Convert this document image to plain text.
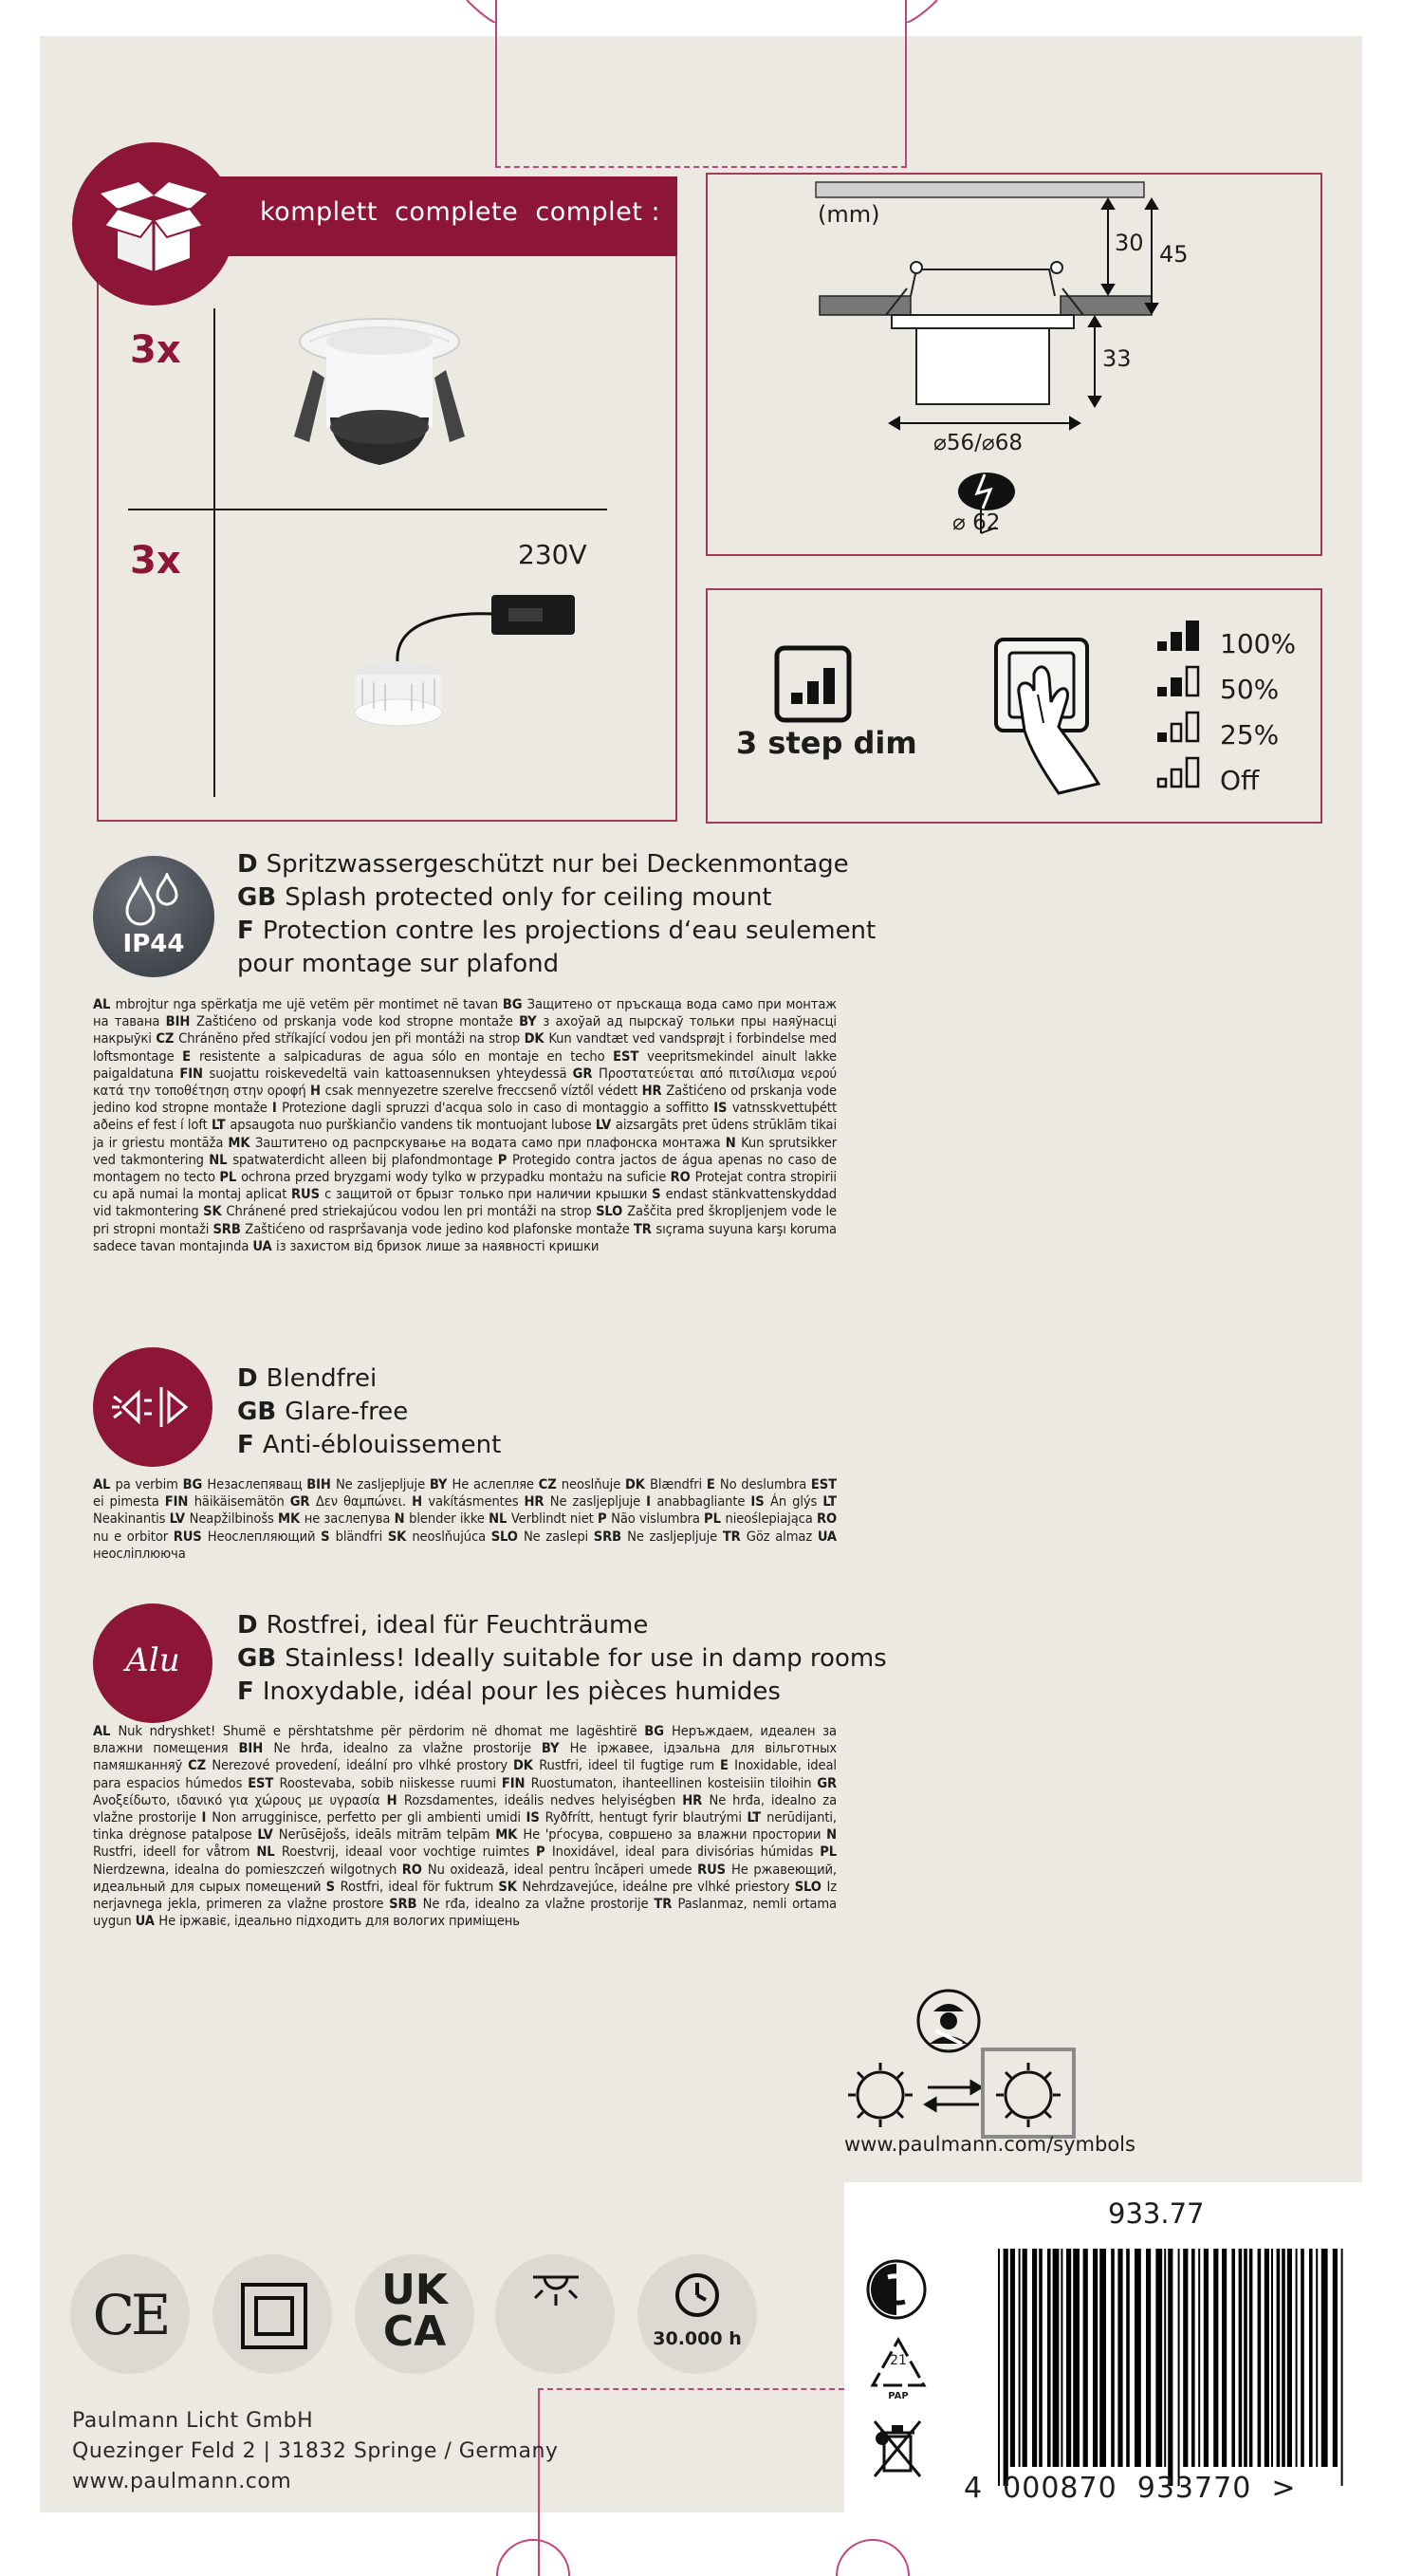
komplett  complete  complet :
3x
3x	230V
(mm)
30 45
33
⌀56/⌀68
⌀ 62
3 step dim
100%
50%
25%
Off
IP44
D Spritzwassergeschützt nur bei Deckenmontage
GB Splash protected only for ceiling mount
F Protection contre les projections d‘eau seulement
pour montage sur plafond
AL mbrojtur nga spërkatja me ujë vetëm për montimet në tavan BG Защитено от пръскаща вода само при монтаж на тавана BIH Zaštićeno od prskanja vode kod stropne montaže BY з ахоўай ад пырскаў тольки пры наяўнасці накрыўкі CZ Chráněno před stříkající vodou jen při montáži na strop DK Kun vandtæt ved vandsprøjt i forbindelse med loftsmontage E resistente a salpicaduras de agua sólo en montaje en techo EST veepritsmekindel ainult lakke paigaldatuna FIN suojattu roiskevedeltä vain kattoasennuksen yhteydessä GR Προστατεύεται από πιτσίλισμα νερού κατά την τοποθέτηση στην οροφή H csak mennyezetre szerelve freccsenő víztől védett HR Zaštićeno od prskanja vode jedino kod stropne montaže I Protezione dagli spruzzi d'acqua solo in caso di montaggio a soffitto IS vatnsskvettuþétt aðeins ef fest í loft LT apsaugota nuo purškiančio vandens tik montuojant lubose LV aizsargāts pret ūdens strūklām tikai ja ir griestu montāža MK Заштитено од распрскување на водата само при плафонска монтажа N Kun sprutsikker ved takmontering NL spatwaterdicht alleen bij plafondmontage P Protegido contra jactos de água apenas no caso de montagem no tecto PL ochrona przed bryzgami wody tylko w przypadku montażu na suficie RO Protejat contra stropirii cu apă numai la montaj aplicat RUS с защитой от брызг только при наличии крышки S endast stänkvattenskyddad vid takmontering SK Chránené pred striekajúcou vodou len pri montáži na strop SLO Zaščita pred škropljenjem vode le pri stropni montaži SRB Zaštićeno od raspršavanja vode jedino kod plafonske montaže TR sıçrama suyuna karşı koruma sadece tavan montajında UA із захистом від бризок лише за наявності кришки
D Blendfrei
GB Glare-free
F Anti-éblouissement
AL pa verbim BG Незаслепяващ BIH Ne zasljepljuje BY Не аслепляе CZ neoslňuje DK Blændfri E No deslumbra EST ei pimesta FIN häikäisemätön GR Δεν θαμπώνει. H vakításmentes HR Ne zasljepljuje I anabbagliante IS Án glýs LT Neakinantis LV Neapžilbinošs MK не заслепува N blender ikke NL Verblindt niet P Não vislumbra PL nieoślepiająca RO nu e orbitor RUS Неослепляющий S bländfri SK neoslňujúca SLO Ne zaslepi SRB Ne zasljepljuje TR Göz almaz UA неосліплююча
Alu
D Rostfrei, ideal für Feuchträume
GB Stainless! Ideally suitable for use in damp rooms
F Inoxydable, idéal pour les pièces humides
AL Nuk ndryshket! Shumë e përshtatshme për përdorim në dhomat me lagështirë BG Неръждаем, идеален за влажни помещения BIH Ne hrđa, idealno za vlažne prostorije BY Не іржавее, ідэальна для вільготных памяшканняў CZ Nerezové provedení, ideální pro vlhké prostory DK Rustfri, ideel til fugtige rum E Inoxidable, ideal para espacios húmedos EST Roostevaba, sobib niiskesse ruumi FIN Ruostumaton, ihanteellinen kosteisiin tiloihin GR Ανοξείδωτο, ιδανικό για χώρους με υγρασία H Rozsdamentes, ideális nedves helyiségben HR Ne hrđa, idealno za vlažne prostorije I Non arrugginisce, perfetto per gli ambienti umidi IS Ryðfrítt, hentugt fyrir blautrými LT nerūdijanti, tinka drėgnose patalpose LV Nerūsējošs, ideāls mitrām telpām MK Не 'рѓосува, совршено за влажни простории N Rustfri, ideell for våtrom NL Roestvrij, ideaal voor vochtige ruimtes P Inoxidável, ideal para divisórias húmidas PL Nierdzewna, idealna do pomieszczeń wilgotnych RO Nu oxidează, ideal pentru încăperi umede RUS Не ржавеющий, идеальный для сырых помещений S Rostfri, ideal för fuktrum SK Nehrdzavejúce, ideálne pre vlhké priestory SLO Iz nerjavnega jekla, primeren za vlažne prostore SRB Ne rđa, idealno za vlažne prostorije TR Paslanmaz, nemli ortama uygun UA Не іржавіє, ідеально підходить для вологих приміщень
www.paulmann.com/symbols
933.77
4  000870  933770  >
21
PAP
CE	UK
CA	30.000 h
Paulmann Licht GmbH
Quezinger Feld 2 | 31832 Springe / Germany
www.paulmann.com
